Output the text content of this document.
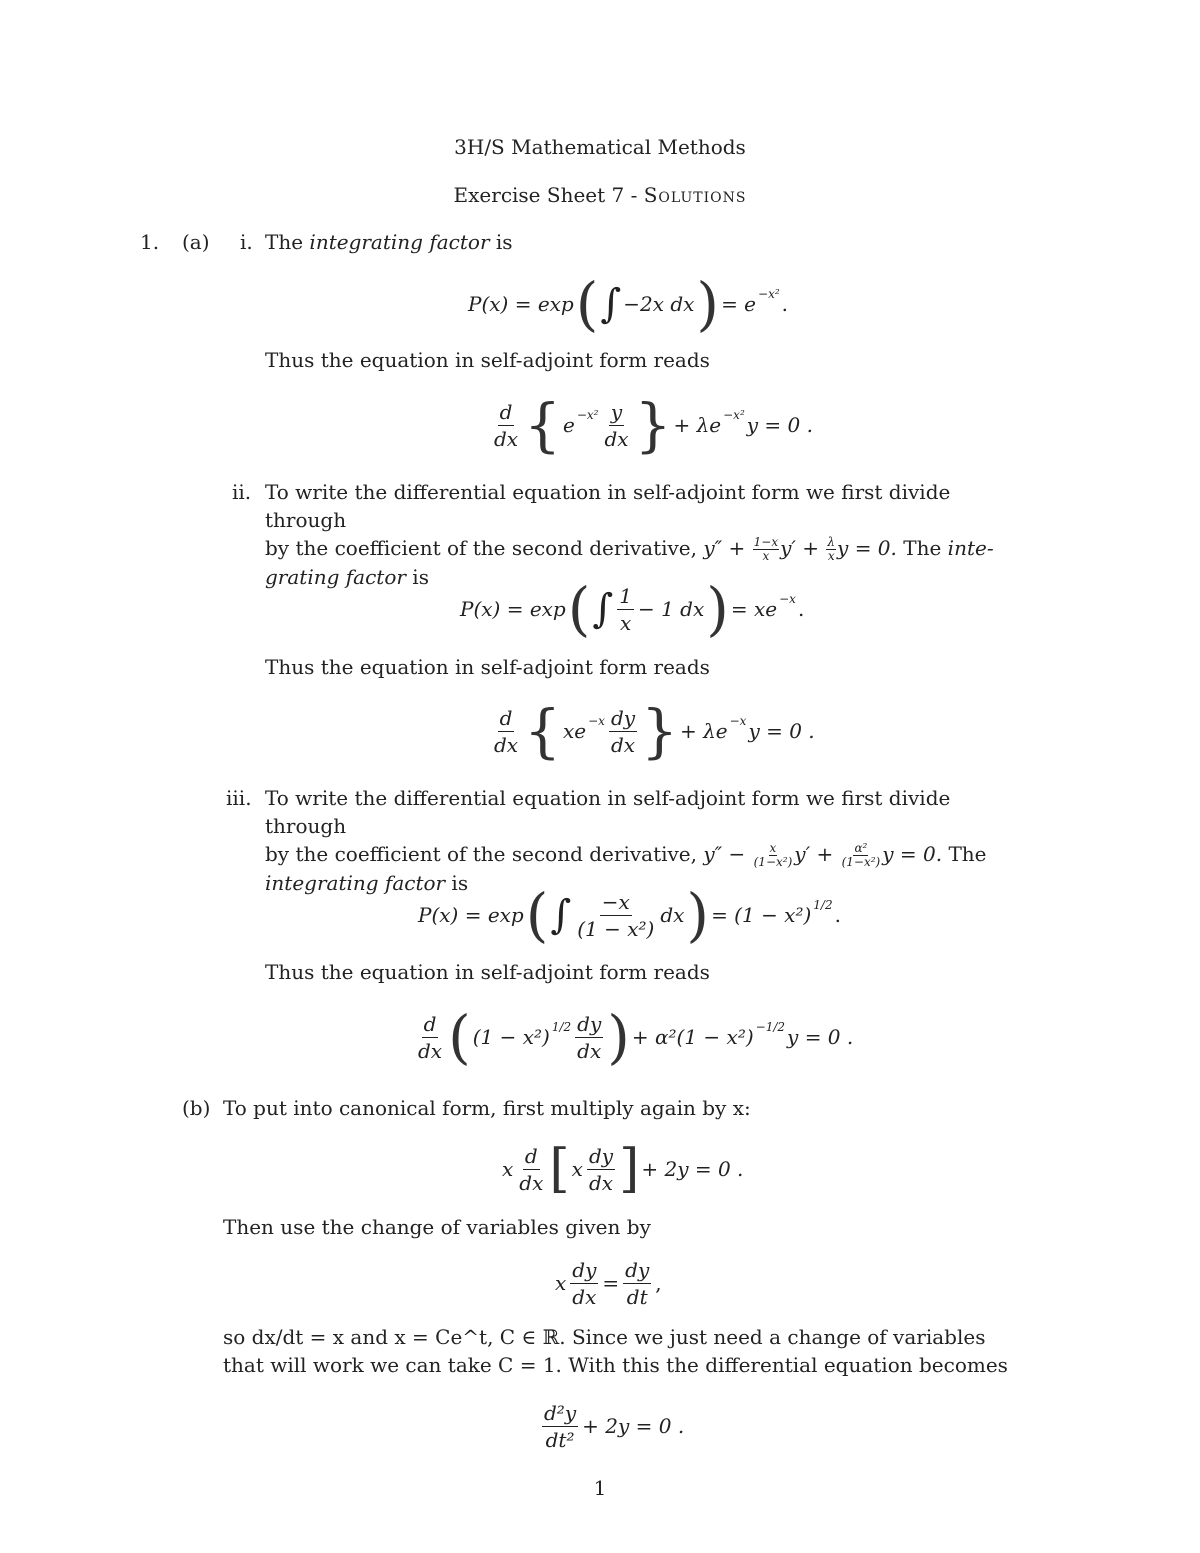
3H/S Mathematical Methods
Exercise Sheet 7 - Solutions
1. (a) i. The integrating factor is
P(x) = exp ( ∫ −2x dx ) = $e^{-x^2}$ .
Thus the equation in self-adjoint form reads
$\frac{d}{dx}$ { $e^{-x^2} \frac{y}{dx}$ } + $\lambda e^{-x^2}$ y = 0 .
ii. To write the differential equation in self-adjoint form we first divide through
by the coefficient of the second derivative, $y'' + \frac{1-x}{x} y' + \frac{\lambda}{x}$ y = 0. The inte-
grating factor is
P(x) = exp ( ∫ $\frac{1}{x} - 1$ dx ) = $xe^{-x}$ .
Thus the equation in self-adjoint form reads
$\frac{d}{dx}$ { $xe^{-x} \frac{dy}{dx}$ } + $\lambda e^{-x}$ y = 0 .
iii. To write the differential equation in self-adjoint form we first divide through
by the coefficient of the second derivative, $y'' - \frac{x}{\text{(1−x²)}} y' + \frac{\text{α²}}{\text{(1−x²)}}$ y = 0. The
integrating factor is
P(x) = exp ( ∫ $\frac{-x}{\text{(1 − x²)}}$ dx ) = $(1 - x^2)^{1/2}$ .
Thus the equation in self-adjoint form reads
$\frac{d}{dx}$ ( $(1 - x^2)^{1/2} \frac{dy}{dx}$ ) + $\alpha^2(1 - x^2)^{-1/2}$ y = 0 .
(b) To put into canonical form, first multiply again by x:
x $\frac{d}{dx}$ [ x $\frac{dy}{dx}$ ] + 2y = 0 .
Then use the change of variables given by
x $\frac{dy}{dx} = \frac{dy}{dt}$ ,
so dx/dt = x and x = Ce^t, C ∈ ℝ. Since we just need a change of variables
that will work we can take C = 1. With this the differential equation becomes
$\frac{\text{d²y}}{\text{dt²}} + 2y = 0$ .
1
